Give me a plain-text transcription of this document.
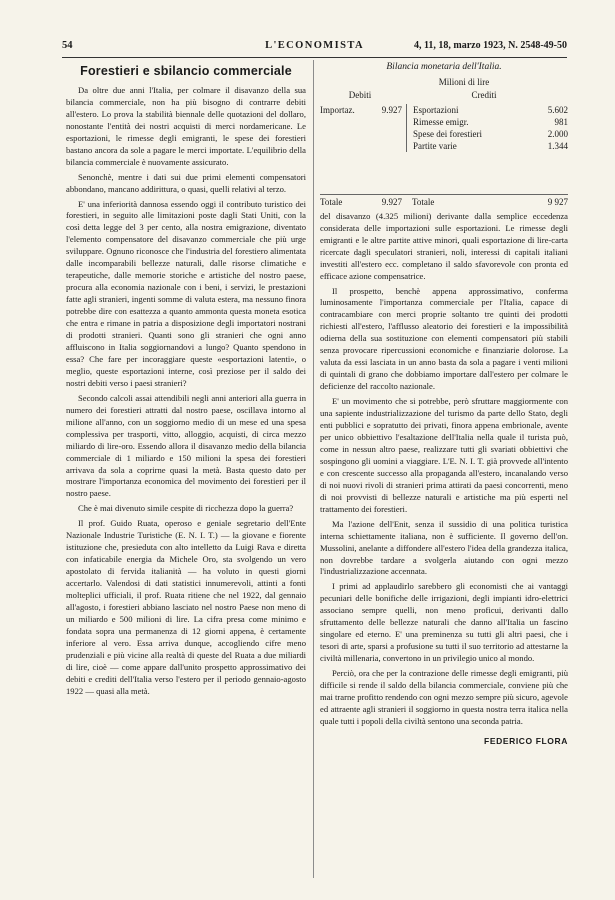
54	L'ECONOMISTA	4, 11, 18, marzo 1923, N. 2548-49-50
Forestieri e sbilancio commerciale

Da oltre due anni l'Italia, per colmare il disavanzo della sua bilancia commerciale, non ha più bisogno di contrarre debiti all'estero. Lo prova la stabilità biennale delle quotazioni del dollaro, nonostante l'entità dei nostri acquisti di merci nordamericane. Le esportazioni, le rimesse degli emigranti, le spese dei forestieri bastano ancora da sole a pagare le merci importate. L'equilibrio della bilancia commerciale è nuovamente assicurato.

Senonchè, mentre i dati sui due primi elementi compensatori abbondano, mancano addirittura, o quasi, quelli relativi al terzo.

E' una inferiorità dannosa essendo oggi il contributo turistico dei forestieri, in seguito alle limitazioni poste dagli Stati Uniti, con la così detta legge del 3 per cento, alla nostra emigrazione, diventato l'elemento compensatore del disavanzo commerciale che più urge sviluppare. Ognuno riconosce che l'industria del forestiero alimentata dalle incomparabili bellezze naturali, dalle risorse climatiche e terapeutiche, dalle memorie storiche e artistiche del nostro paese, procura alla economia nazionale con i beni, i servizi, le prestazioni fatte agli stranieri, ingenti somme di valuta estera, ma nessuno finora potrebbe dire con esattezza a quanto ammonta questa moneta esotica che entra e rimane in patria a disposizione degli importatori nostrani di prodotti stranieri. Quanti sono gli stranieri che ogni anno affluiscono in Italia soggiornandovi a lungo? Quanto spendono in essa? Che fare per incoraggiare queste «esportazioni latenti», o meglio, queste esportazioni interne, così preziose per il saldo dei nostri debiti verso i paesi stranieri?

Secondo calcoli assai attendibili negli anni anteriori alla guerra in numero dei forestieri attratti dal nostro paese, oscillava intorno al milione all'anno, con un soggiorno medio di un mese ed una spesa complessiva per trasporti, vitto, alloggio, acquisti, di circa mezzo miliardo di lire-oro. Essendo allora il disavanzo medio della bilancia commerciale di 1 miliardo e 150 milioni la spesa dei forestieri arrivava da sola a coprirne quasi la metà. Basta questo dato per mostrare l'importanza economica del movimento dei forestieri per il nostro paese.

Che è mai divenuto simile cespite di ricchezza dopo la guerra?

Il prof. Guido Ruata, operoso e geniale segretario dell'Ente Nazionale Industrie Turistiche (E. N. I. T.) — la giovane e fiorente istituzione che, presieduta con alto intelletto da Luigi Rava e diretta con infaticabile energia da Michele Oro, sta svolgendo un vero apostolato di fervida italianità — ha voluto in questi giorni accertarlo. Valendosi di dati statistici innumerevoli, attinti a fonti molteplici ufficiali, il prof. Ruata ritiene che nel 1922, dal gennaio all'agosto, i forestieri abbiano lasciato nel nostro Paese non meno di un miliardo e 500 milioni di lire. La cifra presa come minimo e fondata sopra una permanenza di 12 giorni appena, è certamente inferiore al vero. Essa arriva dunque, accogliendo cifre meno prudenziali e più vicine alla realtà di queste del Ruata a due miliardi di lire, cioè — come appare dall'unito prospetto approssimativo dei debiti e crediti dell'Italia verso l'estero per il periodo gennaio-agosto 1922 — quasi alla metà.

Bilancia monetaria dell'Italia.
Milioni di lire
Debiti	Crediti
Importaz.	9.927 Esportazioni	5.602
Rimesse emigr.	981
Spese dei forestieri	2.000
Partite varie	1.344
Totale	9.927 Totale	9 927

del disavanzo (4.325 milioni) derivante dalla semplice eccedenza considerata delle importazioni sulle esportazioni. Le rimesse degli emigranti e le altre partite attive minori, quali esportazione di lire-carta ricercate dagli speculatori stranieri, noli, interessi di capitali italiani investiti all'estero ecc. completano il saldo sfavorevole con pronta ed efficace azione compensatrice.

Il prospetto, benchè appena approssimativo, conferma luminosamente l'importanza commerciale per l'Italia, capace di contracambiare con merci proprie soltanto tre quinti dei prodotti richiesti all'estero, l'afflusso aleatorio dei forestieri e la impossibilità odierna della sua sostituzione con elementi compensatori più stabili senza provocare ripercussioni economiche e finanziarie dolorose. La valuta da essi lasciata in un anno basta da sola a pagare i venti milioni di quintali di grano che dobbiamo importare dall'estero per colmare le deficienze del raccolto nazionale.

E' un movimento che si potrebbe, però sfruttare maggiormente con una sapiente industrializzazione del turismo da parte dello Stato, degli enti pubblici e sopratutto dei privati, finora appena embrionale, avente per unico obbiettivo l'esaltazione dell'Italia nella quale il turista può, come in nessun altro paese, realizzare tutti gli svariati obbiettivi che sospingono gli uomini a viaggiare. L'E. N. I. T. già provvede all'intento e con crescente successo alla propaganda all'estero, incanalando verso di noi nuovi rivoli di stranieri prima attirati da paesi concorrenti, meno di noi provvisti di bellezze naturali e artistiche ma più esperti nel trattamento dei forestieri.

Ma l'azione dell'Enit, senza il sussidio di una politica turistica interna schiettamente italiana, non è sufficiente. Il governo dell'on. Mussolini, anelante a diffondere all'estero l'idea della grandezza italica, non dovrebbe tardare a svolgerla aiutando con ogni mezzo l'industrializzazione accennata.

I primi ad applaudirlo sarebbero gli economisti che ai vantaggi pecuniari delle bonifiche delle irrigazioni, degli impianti idro-elettrici associano sempre quelli, non meno proficui, derivanti dallo sfruttamento delle bellezze naturali che danno all'Italia un fascino singolare ed eterno. E' una preminenza su tutti gli altri paesi, che i tesori di arte, sparsi a profusione su tutti il suo territorio ad attestarne la civiltà millenaria, convertono in un privilegio unico al mondo.

Perciò, ora che per la contrazione delle rimesse degli emigranti, più difficile si rende il saldo della bilancia commerciale, conviene più che mai trarne profitto rendendo con ogni mezzo sempre più sicuro, agevole ed attraente agli stranieri il soggiorno in questa nostra terra italica nella quale tutti i popoli della civiltà sentono una seconda patria.

FEDERICO FLORA
